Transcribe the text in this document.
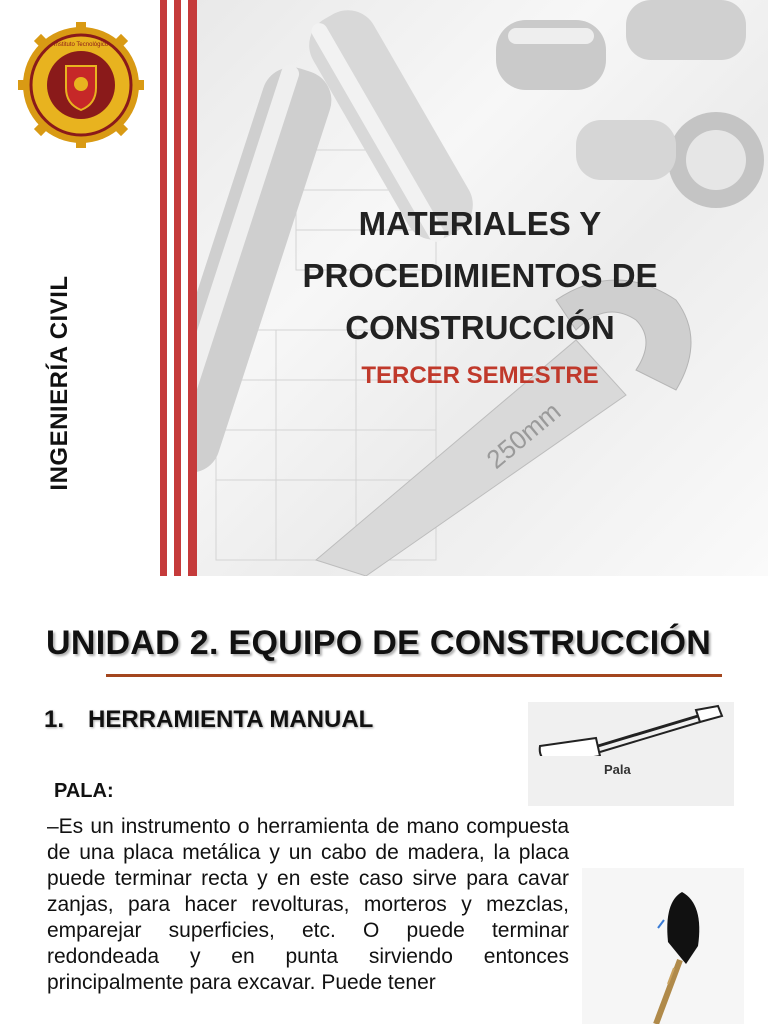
250mm
Instituto Tecnológico
INGENIERÍA CIVIL
MATERIALES Y
PROCEDIMIENTOS DE
CONSTRUCCIÓN
TERCER SEMESTRE
UNIDAD 2. EQUIPO DE CONSTRUCCIÓN
1. HERRAMIENTA MANUAL
PALA:

–Es un instrumento o herramienta de mano compuesta de una placa metálica y un cabo de madera, la placa puede terminar recta y en este caso sirve para cavar zanjas, para hacer revolturas, morteros y mezclas, emparejar superficies, etc. O puede terminar redondeada y en punta sirviendo entonces principalmente para excavar. Puede tener

Pala
